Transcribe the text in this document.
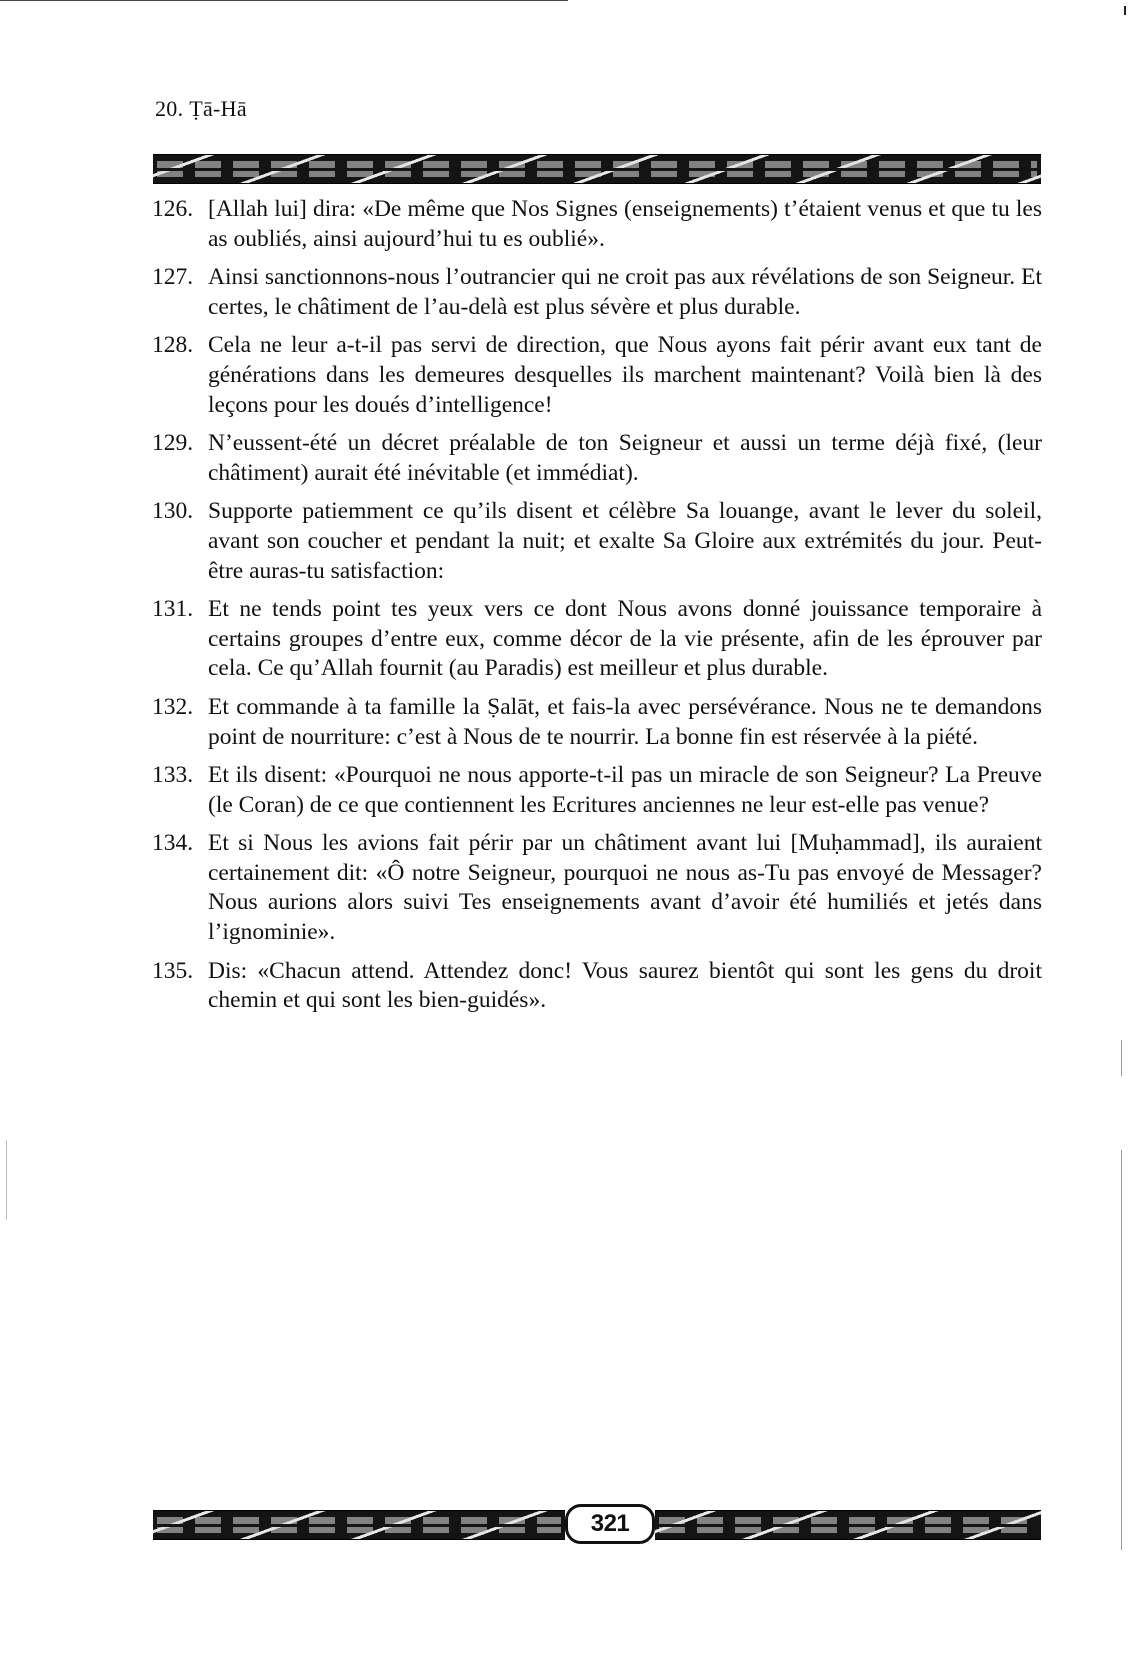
20. Ṭā-Hā
126. [Allah lui] dira: «De même que Nos Signes (enseignements) t’étaient venus et que tu les as oubliés, ainsi aujourd’hui tu es oublié».
127. Ainsi sanctionnons-nous l’outrancier qui ne croit pas aux révélations de son Seigneur. Et certes, le châtiment de l’au-delà est plus sévère et plus durable.
128. Cela ne leur a-t-il pas servi de direction, que Nous ayons fait périr avant eux tant de générations dans les demeures desquelles ils marchent maintenant? Voilà bien là des leçons pour les doués d’intelligence!
129. N’eussent-été un décret préalable de ton Seigneur et aussi un terme déjà fixé, (leur châtiment) aurait été inévitable (et immédiat).
130. Supporte patiemment ce qu’ils disent et célèbre Sa louange, avant le lever du soleil, avant son coucher et pendant la nuit; et exalte Sa Gloire aux extrémités du jour. Peut-être auras-tu satisfaction:
131. Et ne tends point tes yeux vers ce dont Nous avons donné jouissance temporaire à certains groupes d’entre eux, comme décor de la vie présente, afin de les éprouver par cela. Ce qu’Allah fournit (au Paradis) est meilleur et plus durable.
132. Et commande à ta famille la Ṣalāt, et fais-la avec persévérance. Nous ne te demandons point de nourriture: c’est à Nous de te nourrir. La bonne fin est réservée à la piété.
133. Et ils disent: «Pourquoi ne nous apporte-t-il pas un miracle de son Seigneur? La Preuve (le Coran) de ce que contiennent les Ecritures anciennes ne leur est-elle pas venue?
134. Et si Nous les avions fait périr par un châtiment avant lui [Muḥammad], ils auraient certainement dit: «Ô notre Seigneur, pourquoi ne nous as-Tu pas envoyé de Messager? Nous aurions alors suivi Tes enseignements avant d’avoir été humiliés et jetés dans l’ignominie».
135. Dis: «Chacun attend. Attendez donc! Vous saurez bientôt qui sont les gens du droit chemin et qui sont les bien-guidés».
321
